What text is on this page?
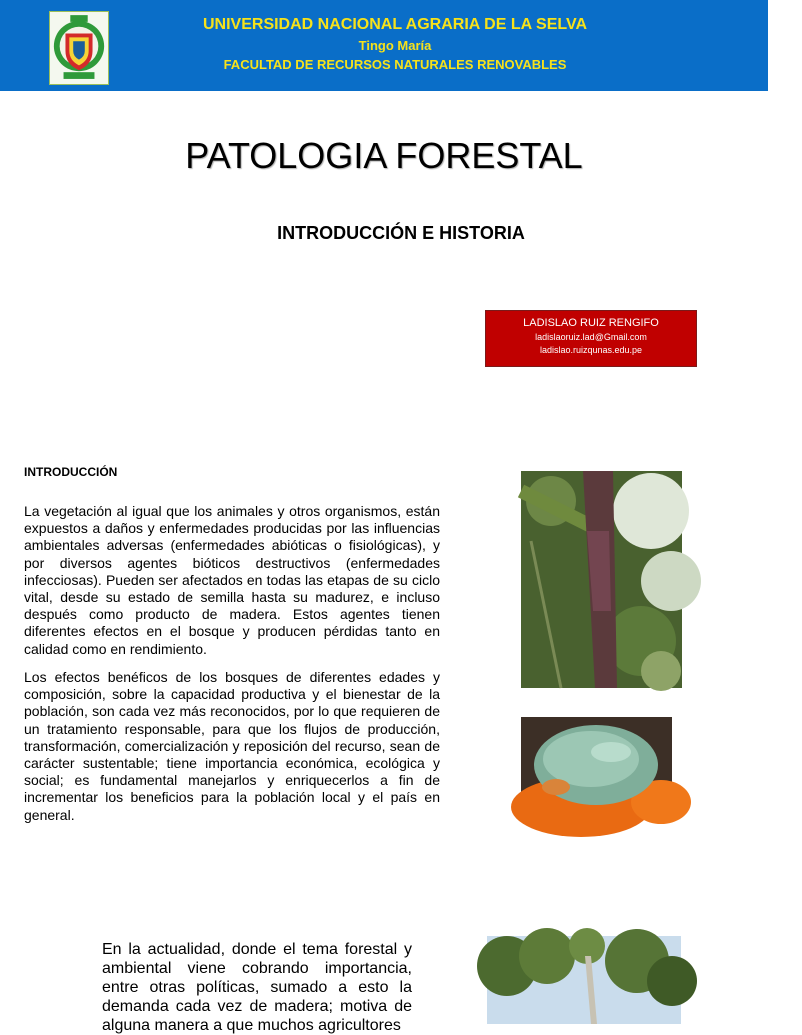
UNIVERSIDAD NACIONAL AGRARIA DE LA SELVA
Tingo María
FACULTAD DE RECURSOS NATURALES RENOVABLES
PATOLOGIA FORESTAL
INTRODUCCIÓN E HISTORIA
LADISLAO RUIZ RENGIFO
ladislaoruiz.lad@Gmail.com
ladislao.ruizqunas.edu.pe
INTRODUCCIÓN

La vegetación al igual que los animales y otros organismos, están expuestos a daños y enfermedades producidas por las influencias ambientales adversas (enfermedades abióticas o fisiológicas), y por diversos agentes bióticos destructivos (enfermedades infecciosas). Pueden ser afectados en todas las etapas de su ciclo vital, desde su estado de semilla hasta su madurez, e incluso después como producto de madera. Estos agentes tienen diferentes efectos en el bosque y producen pérdidas tanto en calidad como en rendimiento.

Los efectos benéficos de los bosques de diferentes edades y composición, sobre la capacidad productiva y el bienestar de la población, son cada vez más reconocidos, por lo que requieren de un tratamiento responsable, para que los flujos de producción, transformación, comercialización y reposición del recurso, sean de carácter sustentable; tiene importancia económica, ecológica y social; es fundamental manejarlos y enriquecerlos a fin de incrementar los beneficios para la población local y el país en general.

En la actualidad, donde el tema forestal y ambiental viene cobrando importancia, entre otras políticas, sumado a esto la demanda cada vez de madera; motiva de alguna manera a que muchos agricultores
